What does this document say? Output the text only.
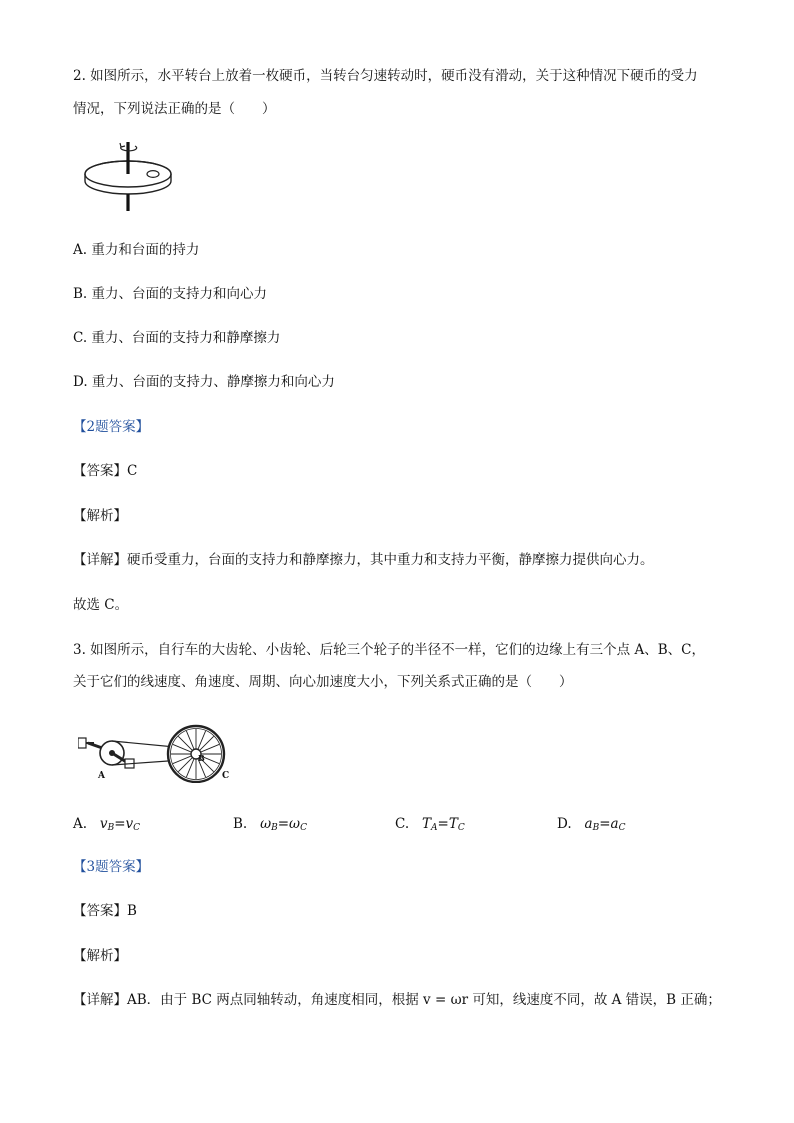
2. 如图所示，水平转台上放着一枚硬币，当转台匀速转动时，硬币没有滑动，关于这种情况下硬币的受力
情况，下列说法正确的是（　　）
A. 重力和台面的持力
B. 重力、台面的支持力和向心力
C. 重力、台面的支持力和静摩擦力
D. 重力、台面的支持力、静摩擦力和向心力
【2题答案】
【答案】C
【解析】
【详解】硬币受重力，台面的支持力和静摩擦力，其中重力和支持力平衡，静摩擦力提供向心力。
故选 C。
3. 如图所示，自行车的大齿轮、小齿轮、后轮三个轮子的半径不一样，它们的边缘上有三个点 A、B、C，
关于它们的线速度、角速度、周期、向心加速度大小，下列关系式正确的是（　　）
A
B
C
A. $v_B=v_C$	B. $\omega_B=\omega_C$	C. $T_A=T_C$	D. $a_B=a_C$
【3题答案】
【答案】B
【解析】
【详解】AB．由于 BC 两点同轴转动，角速度相同，根据 v = ωr 可知，线速度不同，故 A 错误，B 正确；
